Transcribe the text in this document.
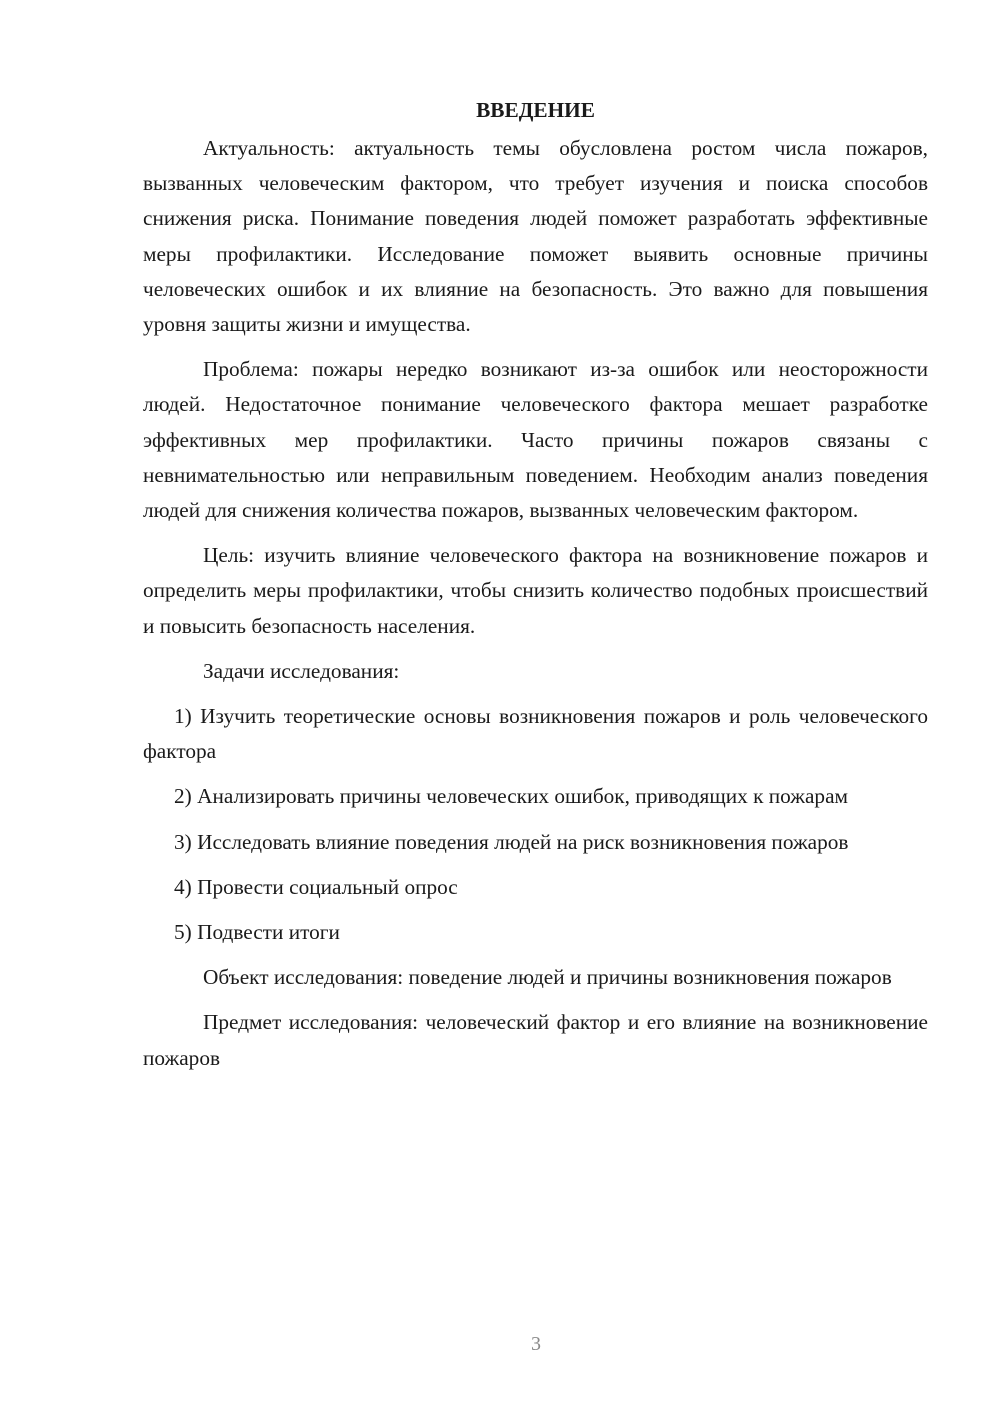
ВВЕДЕНИЕ

Актуальность: актуальность темы обусловлена ростом числа пожаров, вызванных человеческим фактором, что требует изучения и поиска способов снижения риска. Понимание поведения людей поможет разработать эффективные меры профилактики. Исследование поможет выявить основные причины человеческих ошибок и их влияние на безопасность. Это важно для повышения уровня защиты жизни и имущества.

Проблема: пожары нередко возникают из-за ошибок или неосторожности людей. Недостаточное понимание человеческого фактора мешает разработке эффективных мер профилактики. Часто причины пожаров связаны с невнимательностью или неправильным поведением. Необходим анализ поведения людей для снижения количества пожаров, вызванных человеческим фактором.

Цель: изучить влияние человеческого фактора на возникновение пожаров и определить меры профилактики, чтобы снизить количество подобных происшествий и повысить безопасность населения.

Задачи исследования:

1) Изучить теоретические основы возникновения пожаров и роль человеческого фактора

2) Анализировать причины человеческих ошибок, приводящих к пожарам

3) Исследовать влияние поведения людей на риск возникновения пожаров

4) Провести социальный опрос

5) Подвести итоги

Объект исследования: поведение людей и причины возникновения пожаров

Предмет исследования: человеческий фактор и его влияние на возникновение пожаров

3
